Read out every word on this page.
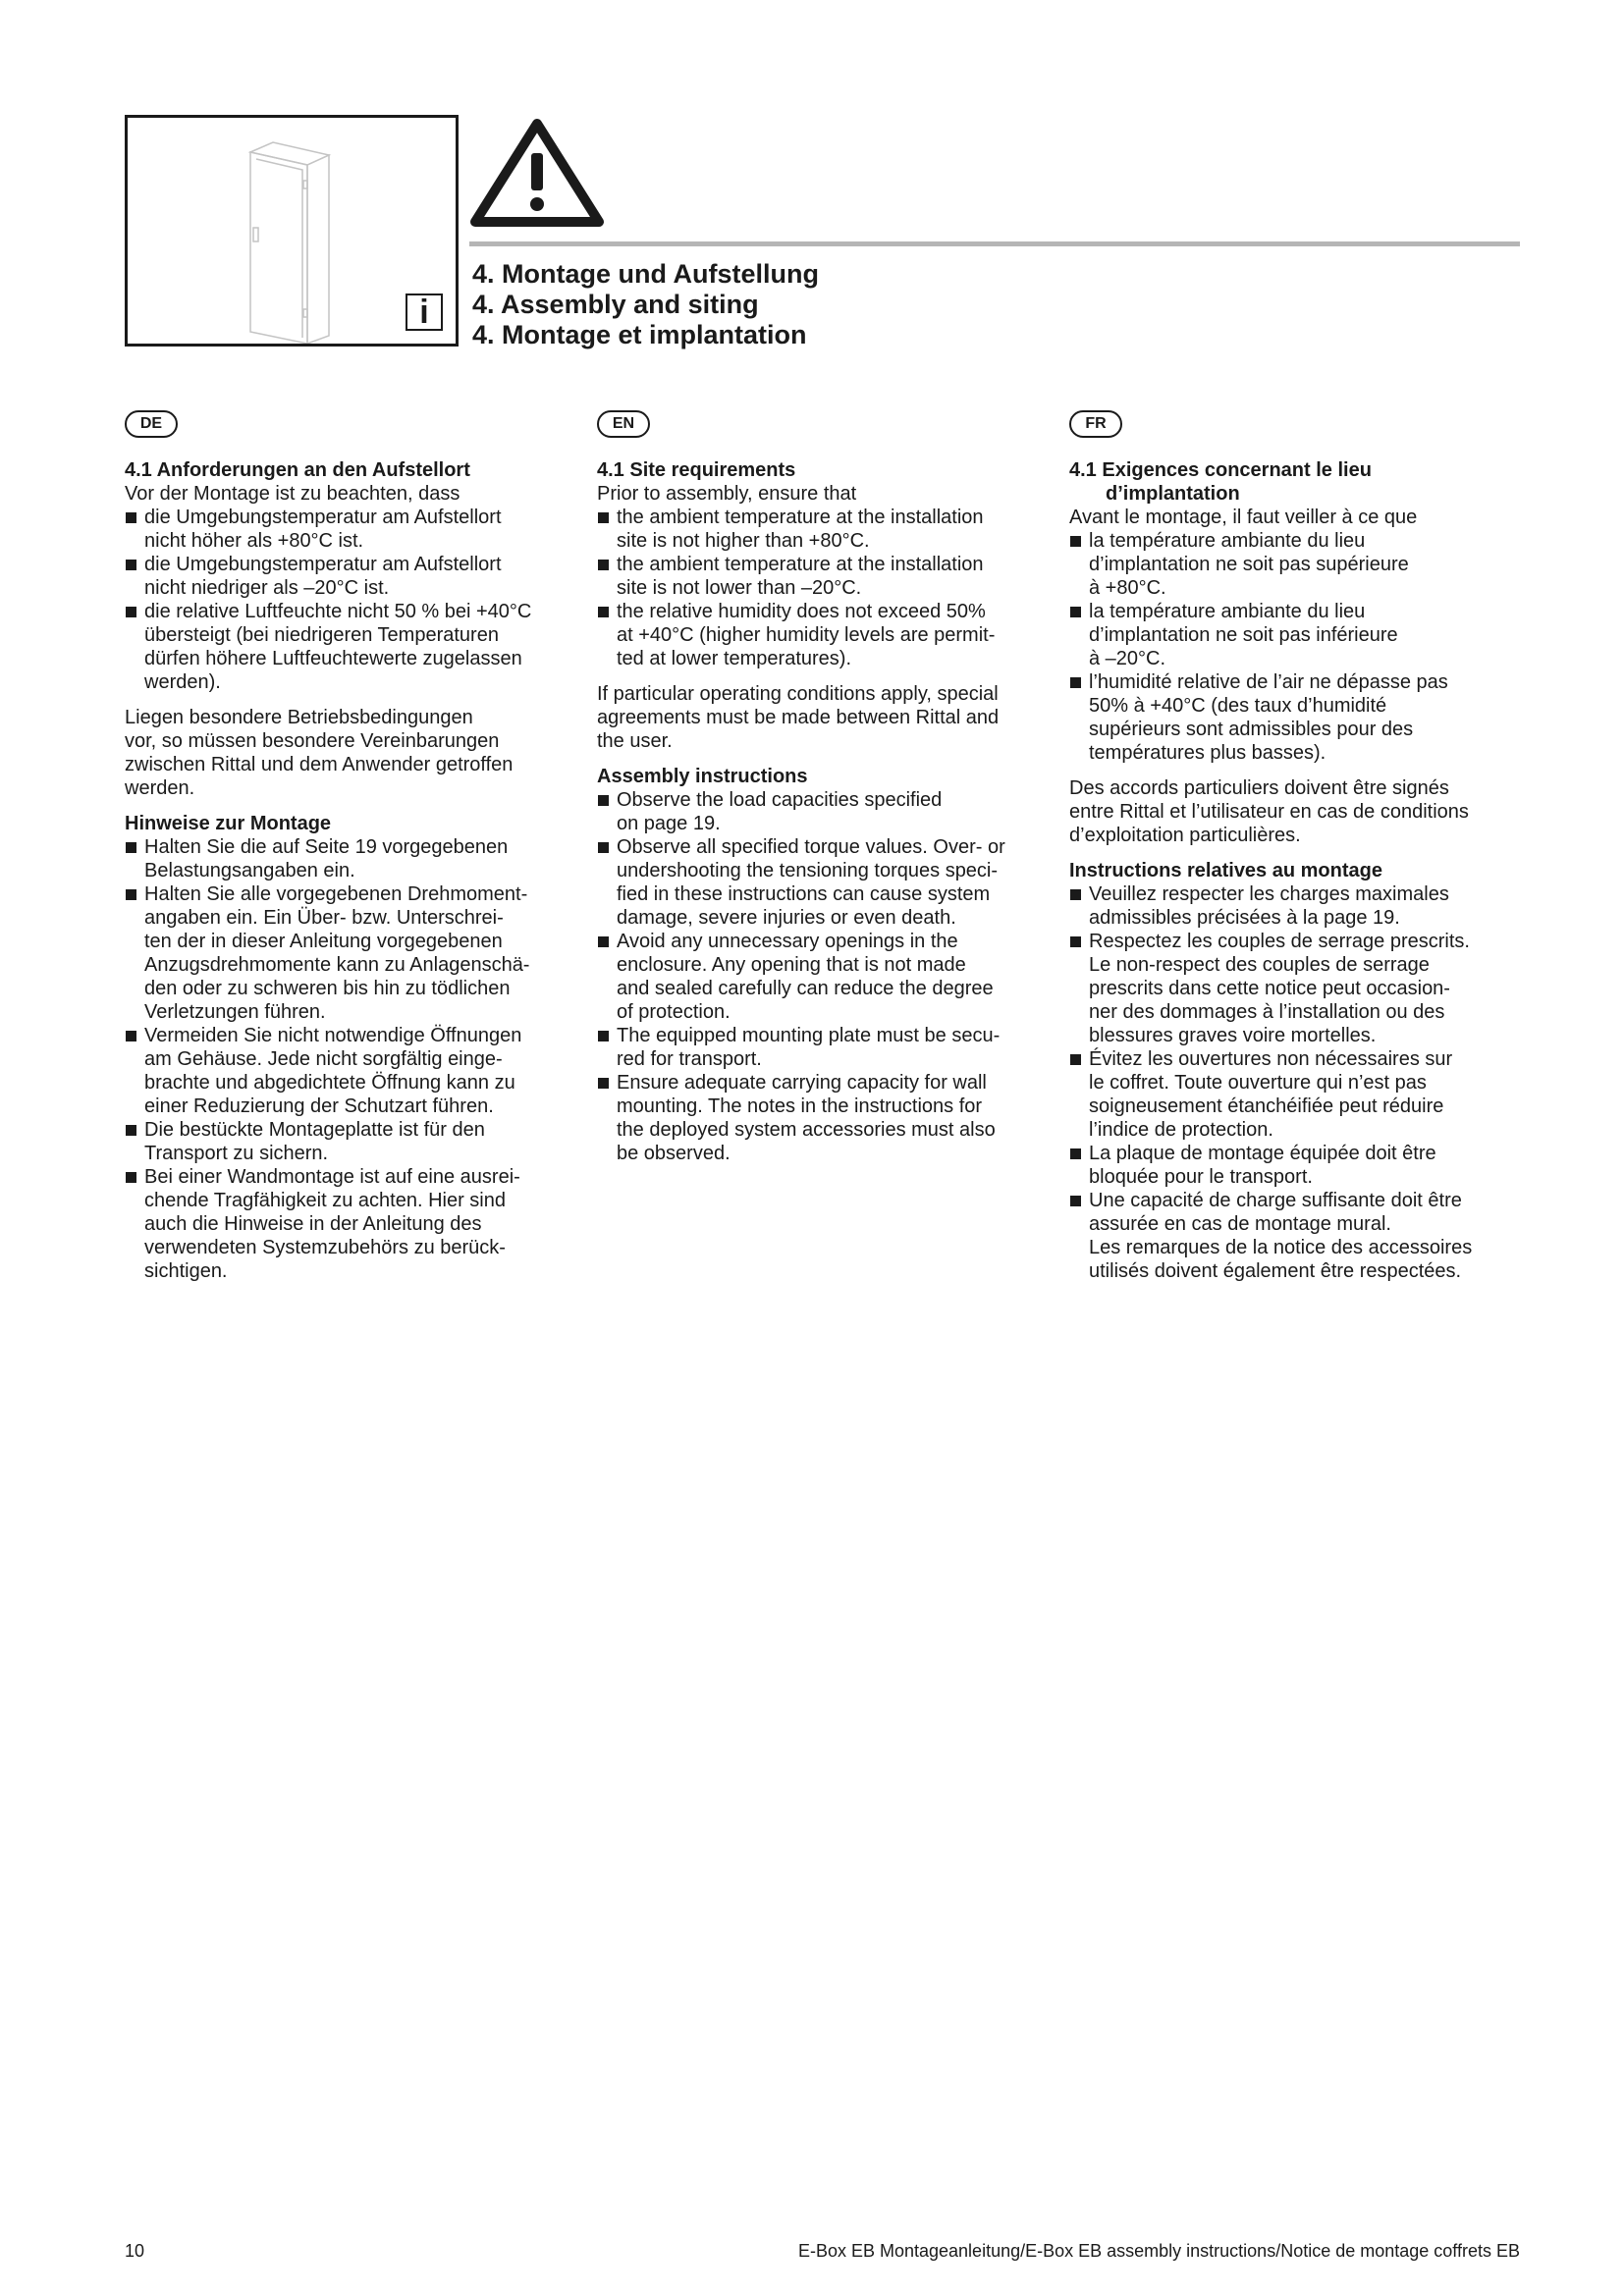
i
4. Montage und Aufstellung
4. Assembly and siting
4. Montage et implantation
DE	EN	FR
4.1 Anforderungen an den Aufstellort

Vor der Montage ist zu beachten, dass

die Umgebungstemperatur am Aufstellort
nicht höher als +80°C ist.
die Umgebungstemperatur am Aufstellort
nicht niedriger als –20°C ist.
die relative Luftfeuchte nicht 50 % bei +40°C
übersteigt (bei niedrigeren Temperaturen
dürfen höhere Luftfeuchtewerte zugelassen
werden).

Liegen besondere Betriebsbedingungen
vor, so müssen besondere Vereinbarungen
zwischen Rittal und dem Anwender getroffen
werden.

Hinweise zur Montage
Halten Sie die auf Seite 19 vorgegebenen
Belastungsangaben ein.
Halten Sie alle vorgegebenen Drehmoment-
angaben ein. Ein Über- bzw. Unterschrei-
ten der in dieser Anleitung vorgegebenen
Anzugsdrehmomente kann zu Anlagenschä-
den oder zu schweren bis hin zu tödlichen
Verletzungen führen.
Vermeiden Sie nicht notwendige Öffnungen
am Gehäuse. Jede nicht sorgfältig einge-
brachte und abgedichtete Öffnung kann zu
einer Reduzierung der Schutzart führen.
Die bestückte Montageplatte ist für den
Transport zu sichern.
Bei einer Wandmontage ist auf eine ausrei-
chende Tragfähigkeit zu achten. Hier sind
auch die Hinweise in der Anleitung des
verwendeten Systemzubehörs zu berück-
sichtigen.
4.1 Site requirements

Prior to assembly, ensure that

the ambient temperature at the installation
site is not higher than +80°C.
the ambient temperature at the installation
site is not lower than –20°C.
the relative humidity does not exceed 50%
at +40°C (higher humidity levels are permit-
ted at lower temperatures).

If particular operating conditions apply, special
agreements must be made between Rittal and
the user.

Assembly instructions
Observe the load capacities specified
on page 19.
Observe all specified torque values. Over- or
undershooting the tensioning torques speci-
fied in these instructions can cause system
damage, severe injuries or even death.
Avoid any unnecessary openings in the
enclosure. Any opening that is not made
and sealed carefully can reduce the degree
of protection.
The equipped mounting plate must be secu-
red for transport.
Ensure adequate carrying capacity for wall
mounting. The notes in the instructions for
the deployed system accessories must also
be observed.
4.1 Exigences concernant le lieu
d’implantation

Avant le montage, il faut veiller à ce que

la température ambiante du lieu
d’implantation ne soit pas supérieure
à +80°C.
la température ambiante du lieu
d’implantation ne soit pas inférieure
à –20°C.
l’humidité relative de l’air ne dépasse pas
50% à +40°C (des taux d’humidité
supérieurs sont admissibles pour des
températures plus basses).

Des accords particuliers doivent être signés
entre Rittal et l’utilisateur en cas de conditions
d’exploitation particulières.

Instructions relatives au montage
Veuillez respecter les charges maximales
admissibles précisées à la page 19.
Respectez les couples de serrage prescrits.
Le non-respect des couples de serrage
prescrits dans cette notice peut occasion-
ner des dommages à l’installation ou des
blessures graves voire mortelles.
Évitez les ouvertures non nécessaires sur
le coffret. Toute ouverture qui n’est pas
soigneusement étanchéifiée peut réduire
l’indice de protection.
La plaque de montage équipée doit être
bloquée pour le transport.
Une capacité de charge suffisante doit être
assurée en cas de montage mural.
Les remarques de la notice des accessoires
utilisés doivent également être respectées.
10	E-Box EB Montageanleitung/E-Box EB assembly instructions/Notice de montage coffrets EB
